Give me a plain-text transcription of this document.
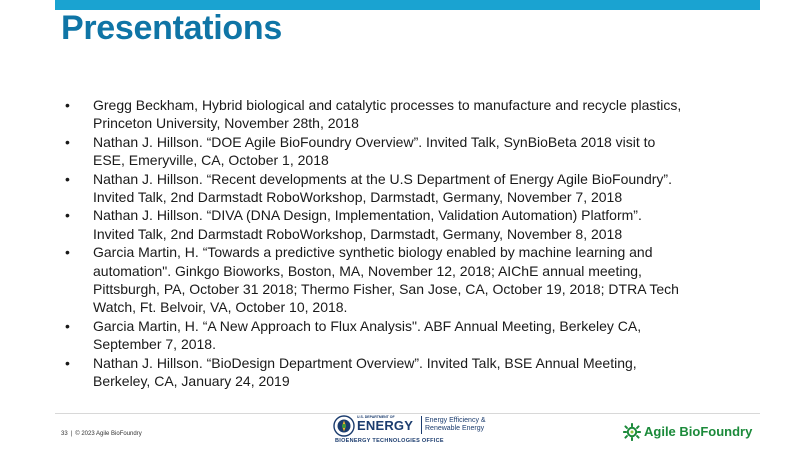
Presentations
• Gregg Beckham, Hybrid biological and catalytic processes to manufacture and recycle plastics,
Princeton University, November 28th, 2018
• Nathan J. Hillson. “DOE Agile BioFoundry Overview”. Invited Talk, SynBioBeta 2018 visit to
ESE, Emeryville, CA, October 1, 2018
• Nathan J. Hillson. “Recent developments at the U.S Department of Energy Agile BioFoundry”.
Invited Talk, 2nd Darmstadt RoboWorkshop, Darmstadt, Germany, November 7, 2018
• Nathan J. Hillson. “DIVA (DNA Design, Implementation, Validation Automation) Platform”.
Invited Talk, 2nd Darmstadt RoboWorkshop, Darmstadt, Germany, November 8, 2018
• Garcia Martin, H. “Towards a predictive synthetic biology enabled by machine learning and
automation". Ginkgo Bioworks, Boston, MA, November 12, 2018; AIChE annual meeting,
Pittsburgh, PA, October 31 2018; Thermo Fisher, San Jose, CA, October 19, 2018; DTRA Tech
Watch, Ft. Belvoir, VA, October 10, 2018.
• Garcia Martin, H. “A New Approach to Flux Analysis". ABF Annual Meeting, Berkeley CA,
September 7, 2018.
• Nathan J. Hillson. “BioDesign Department Overview”. Invited Talk, BSE Annual Meeting,
Berkeley, CA, January 24, 2019
33 | © 2023 Agile BioFoundry
U.S. DEPARTMENT OF
ENERGY Energy Efficiency &
Renewable Energy
BIOENERGY TECHNOLOGIES OFFICE
Agile BioFoundry
